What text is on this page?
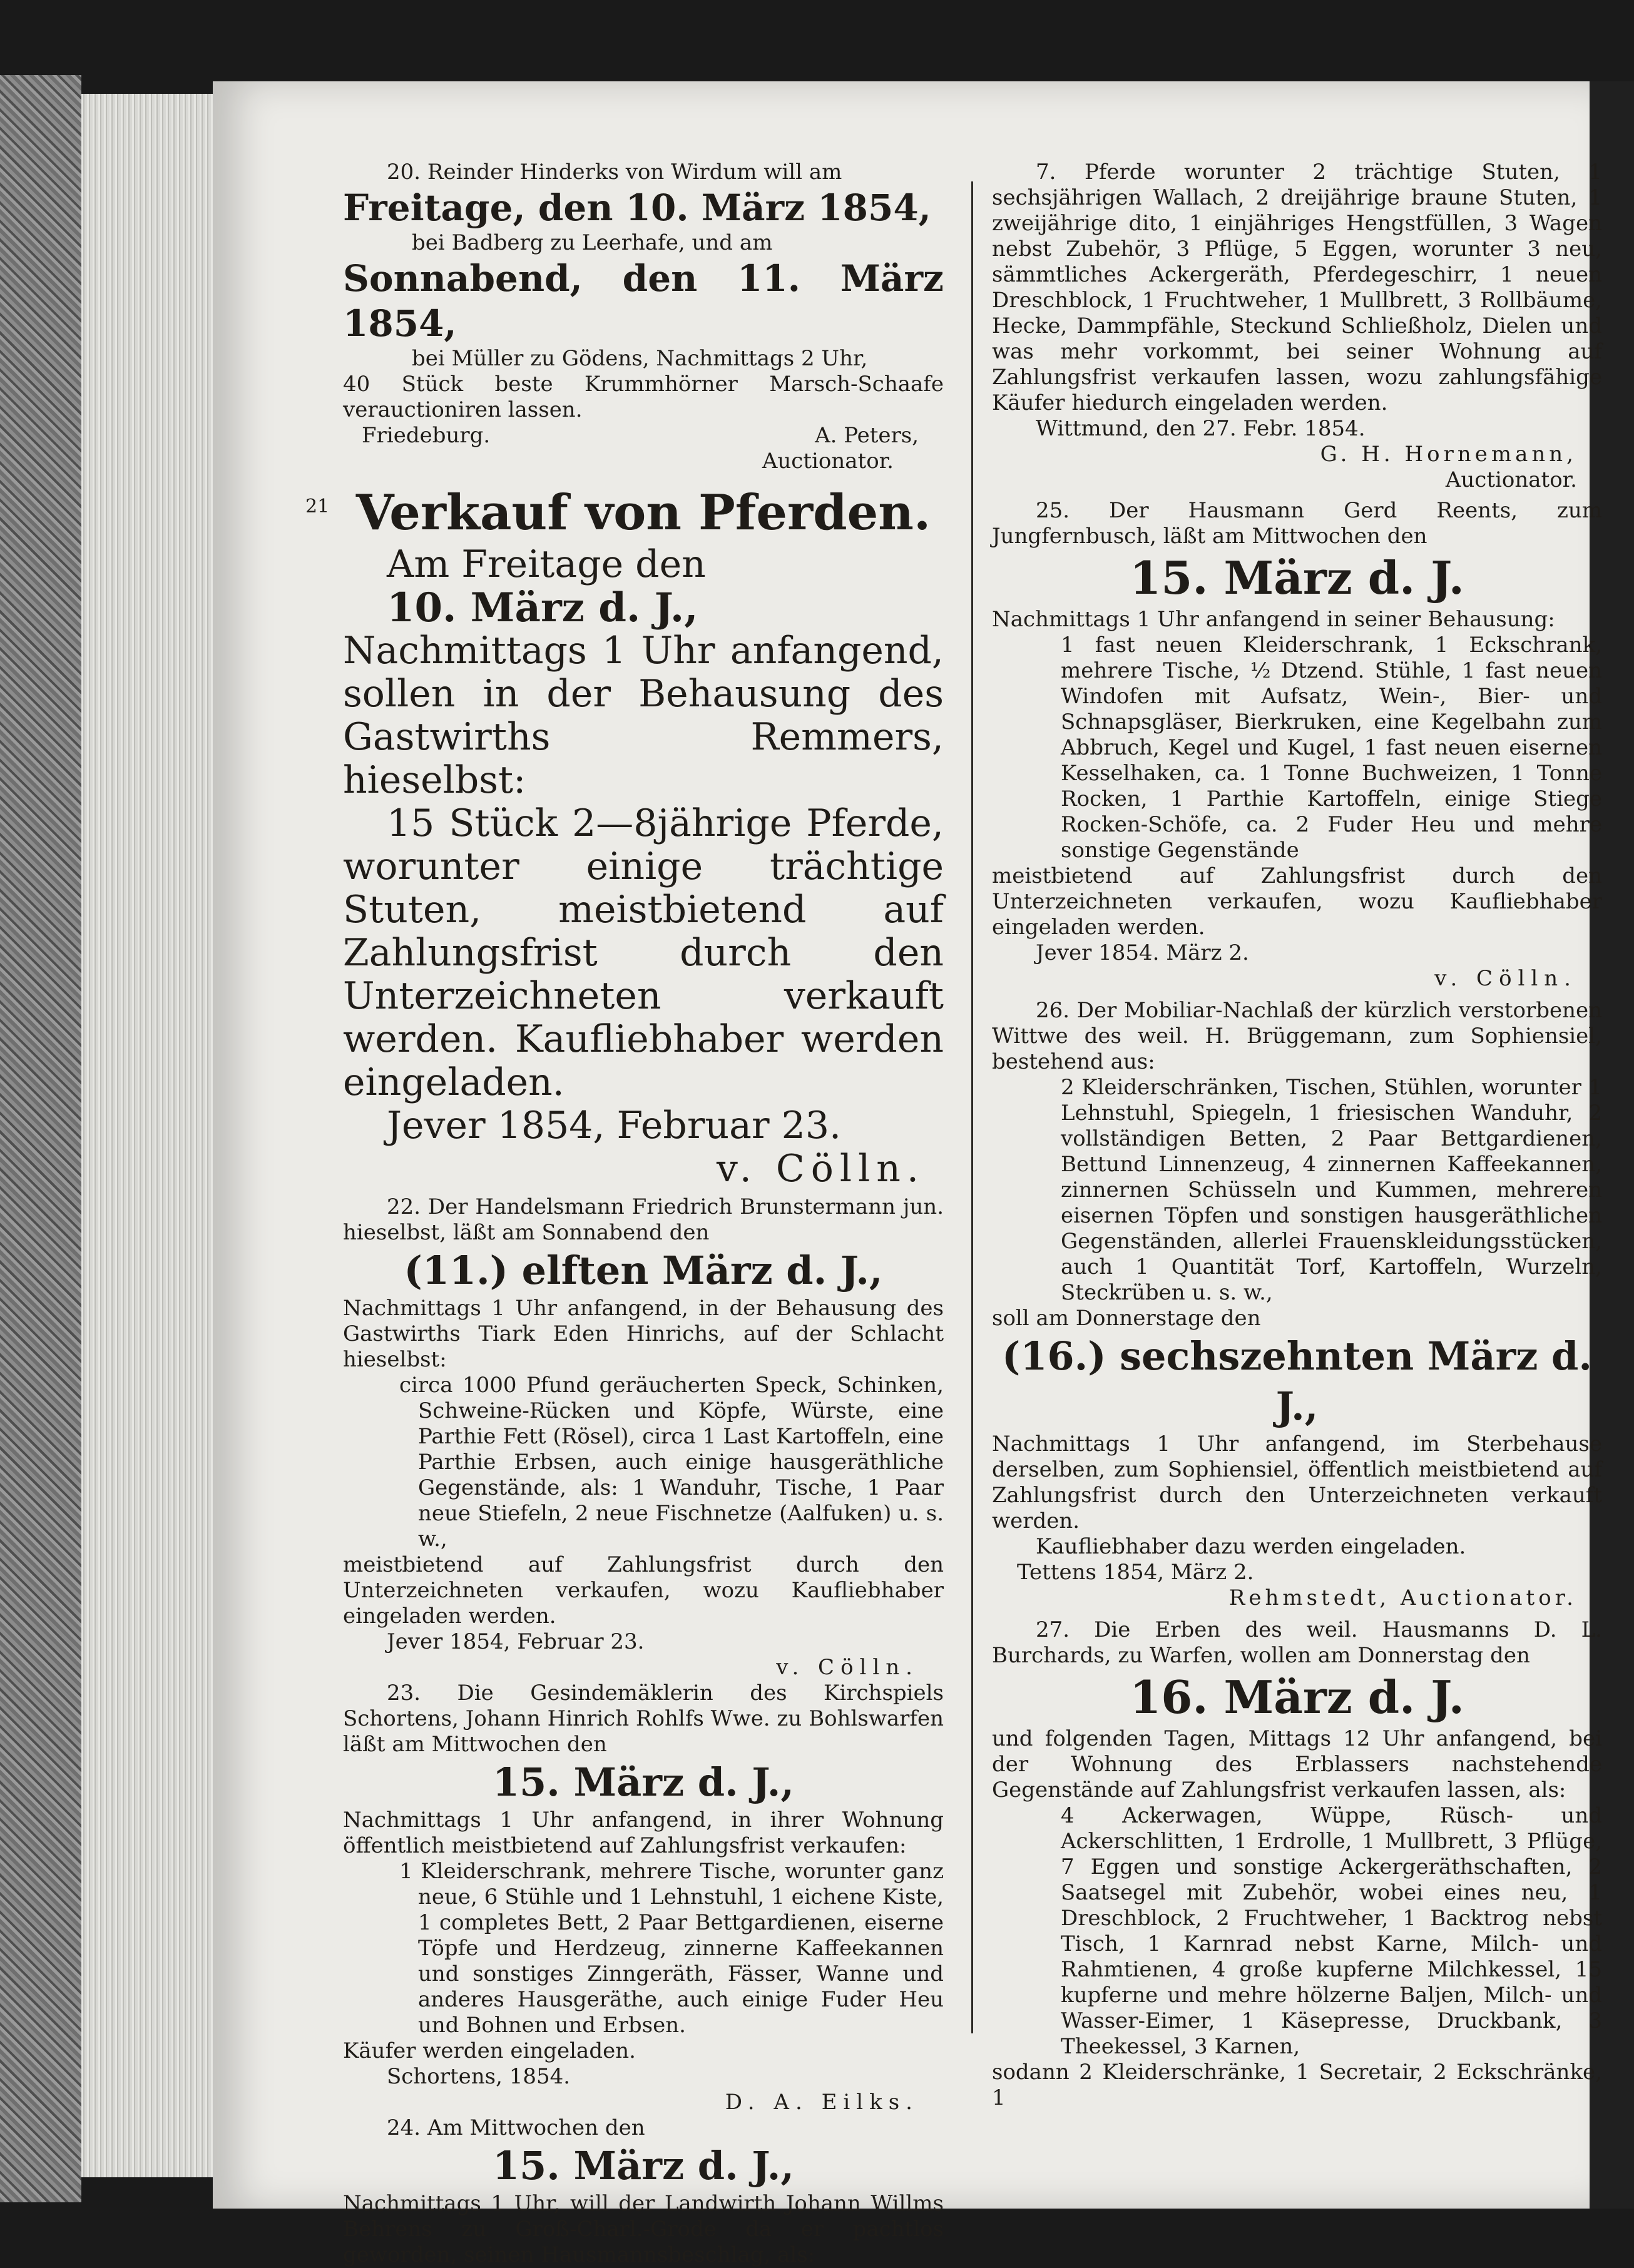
20. Reinder Hinderks von Wirdum will am

Freitage, den 10. März 1854,

bei Badberg zu Leerhafe, und am

Sonnabend, den 11. März 1854,

bei Müller zu Gödens, Nachmittags 2 Uhr,

40 Stück beste Krummhörner Marsch-Schaafe verauctioniren lassen.

Friedeburg.	A. Peters,

Auctionator.

21 Verkauf von Pferden.

Am Freitage den

10. März d. J.,

Nachmittags 1 Uhr anfangend, sollen in der Behausung des Gastwirths Remmers, hieselbst:

15 Stück 2—8jährige Pferde, worunter einige trächtige Stuten, meistbietend auf Zahlungsfrist durch den Unterzeichneten verkauft werden. Kaufliebhaber werden eingeladen.

Jever 1854, Februar 23.

v. Cölln.

22. Der Handelsmann Friedrich Brunstermann jun. hieselbst, läßt am Sonnabend den

(11.) elften März d. J.,

Nachmittags 1 Uhr anfangend, in der Behausung des Gastwirths Tiark Eden Hinrichs, auf der Schlacht hieselbst:

circa 1000 Pfund geräucherten Speck, Schinken, Schweine-Rücken und Köpfe, Würste, eine Parthie Fett (Rösel), circa 1 Last Kartoffeln, eine Parthie Erbsen, auch einige hausgeräthliche Gegenstände, als: 1 Wanduhr, Tische, 1 Paar neue Stiefeln, 2 neue Fischnetze (Aalfuken) u. s. w.,

meistbietend auf Zahlungsfrist durch den Unterzeichneten verkaufen, wozu Kaufliebhaber eingeladen werden.

Jever 1854, Februar 23.

v. Cölln.

23. Die Gesindemäklerin des Kirchspiels Schortens, Johann Hinrich Rohlfs Wwe. zu Bohlswarfen läßt am Mittwochen den

15. März d. J.,

Nachmittags 1 Uhr anfangend, in ihrer Wohnung öffentlich meistbietend auf Zahlungsfrist verkaufen:

1 Kleiderschrank, mehrere Tische, worunter ganz neue, 6 Stühle und 1 Lehnstuhl, 1 eichene Kiste, 1 completes Bett, 2 Paar Bettgardienen, eiserne Töpfe und Herdzeug, zinnerne Kaffeekannen und sonstiges Zinngeräth, Fässer, Wanne und anderes Hausgeräthe, auch einige Fuder Heu und Bohnen und Erbsen.

Käufer werden eingeladen.

Schortens, 1854.

D. A. Eilks.

24. Am Mittwochen den

15. März d. J.,

Nachmittags 1 Uhr, will der Landwirth Johann Willms Behrens zu Groß-Charl.-Grode da er pachtlos geworden, seinen Hausmannsbeschlag, als:

7. Pferde worunter 2 trächtige Stuten, 1 sechsjährigen Wallach, 2 dreijährige braune Stuten, 1 zweijährige dito, 1 einjähriges Hengstfüllen, 3 Wagen nebst Zubehör, 3 Pflüge, 5 Eggen, worunter 3 neu, sämmtliches Ackergeräth, Pferdegeschirr, 1 neuen Dreschblock, 1 Fruchtweher, 1 Mullbrett, 3 Rollbäume, Hecke, Dammpfähle, Steckund Schließholz, Dielen und was mehr vorkommt, bei seiner Wohnung auf Zahlungsfrist verkaufen lassen, wozu zahlungsfähige Käufer hiedurch eingeladen werden.

Wittmund, den 27. Febr. 1854.

G. H. Hornemann,

Auctionator.

25. Der Hausmann Gerd Reents, zum Jungfernbusch, läßt am Mittwochen den

15. März d. J.

Nachmittags 1 Uhr anfangend in seiner Behausung:

1 fast neuen Kleiderschrank, 1 Eckschrank, mehrere Tische, ½ Dtzend. Stühle, 1 fast neuen Windofen mit Aufsatz, Wein-, Bier- und Schnapsgläser, Bierkruken, eine Kegelbahn zum Abbruch, Kegel und Kugel, 1 fast neuen eisernen Kesselhaken, ca. 1 Tonne Buchweizen, 1 Tonne Rocken, 1 Parthie Kartoffeln, einige Stiege Rocken-Schöfe, ca. 2 Fuder Heu und mehre sonstige Gegenstände

meistbietend auf Zahlungsfrist durch den Unterzeichneten verkaufen, wozu Kaufliebhaber eingeladen werden.

Jever 1854. März 2.

v. Cölln.

26. Der Mobiliar-Nachlaß der kürzlich verstorbenen Wittwe des weil. H. Brüggemann, zum Sophiensiel, bestehend aus:

2 Kleiderschränken, Tischen, Stühlen, worunter 1 Lehnstuhl, Spiegeln, 1 friesischen Wanduhr, 2 vollständigen Betten, 2 Paar Bettgardienen, Bettund Linnenzeug, 4 zinnernen Kaffeekannen, zinnernen Schüsseln und Kummen, mehreren eisernen Töpfen und sonstigen hausgeräthlichen Gegenständen, allerlei Frauenskleidungsstücken, auch 1 Quantität Torf, Kartoffeln, Wurzeln, Steckrüben u. s. w.,

soll am Donnerstage den

(16.) sechszehnten März d. J.,

Nachmittags 1 Uhr anfangend, im Sterbehause derselben, zum Sophiensiel, öffentlich meistbietend auf Zahlungsfrist durch den Unterzeichneten verkauft werden.

Kaufliebhaber dazu werden eingeladen.

Tettens 1854, März 2.

Rehmstedt, Auctionator.

27. Die Erben des weil. Hausmanns D. L. Burchards, zu Warfen, wollen am Donnerstag den

16. März d. J.

und folgenden Tagen, Mittags 12 Uhr anfangend, bei der Wohnung des Erblassers nachstehende Gegenstände auf Zahlungsfrist verkaufen lassen, als:

4 Ackerwagen, Wüppe, Rüsch- und Ackerschlitten, 1 Erdrolle, 1 Mullbrett, 3 Pflüge, 7 Eggen und sonstige Ackergeräthschaften, 2 Saatsegel mit Zubehör, wobei eines neu, 1 Dreschblock, 2 Fruchtweher, 1 Backtrog nebst Tisch, 1 Karnrad nebst Karne, Milch- und Rahmtienen, 4 große kupferne Milchkessel, 15 kupferne und mehre hölzerne Baljen, Milch- und Wasser-Eimer, 1 Käsepresse, Druckbank, 3 Theekessel, 3 Karnen,

sodann 2 Kleiderschränke, 1 Secretair, 2 Eckschränke, 1
